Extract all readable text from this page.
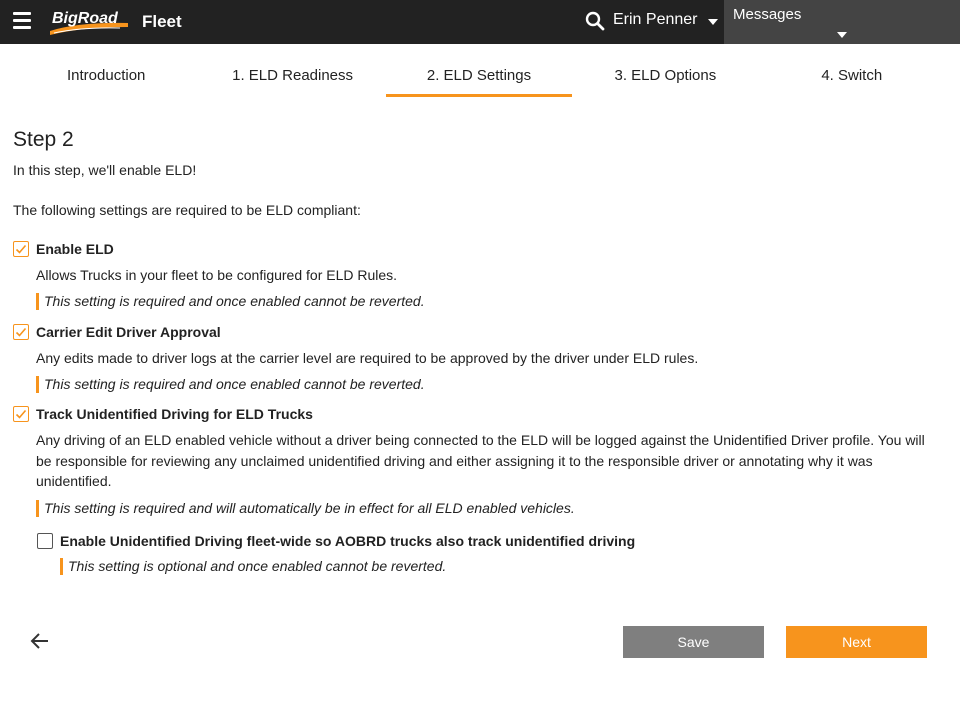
BigRoad Fleet	Erin Penner Messages
Introduction	1. ELD Readiness	2. ELD Settings	3. ELD Options	4. Switch
Step 2
In this step, we'll enable ELD!
The following settings are required to be ELD compliant:
Enable ELD
Allows Trucks in your fleet to be configured for ELD Rules.
This setting is required and once enabled cannot be reverted.
Carrier Edit Driver Approval
Any edits made to driver logs at the carrier level are required to be approved by the driver under ELD rules.
This setting is required and once enabled cannot be reverted.
Track Unidentified Driving for ELD Trucks
Any driving of an ELD enabled vehicle without a driver being connected to the ELD will be logged against the Unidentified Driver profile. You will be responsible for reviewing any unclaimed unidentified driving and either assigning it to the responsible driver or annotating why it was unidentified.
This setting is required and will automatically be in effect for all ELD enabled vehicles.
Enable Unidentified Driving fleet-wide so AOBRD trucks also track unidentified driving
This setting is optional and once enabled cannot be reverted.
Save	Next
